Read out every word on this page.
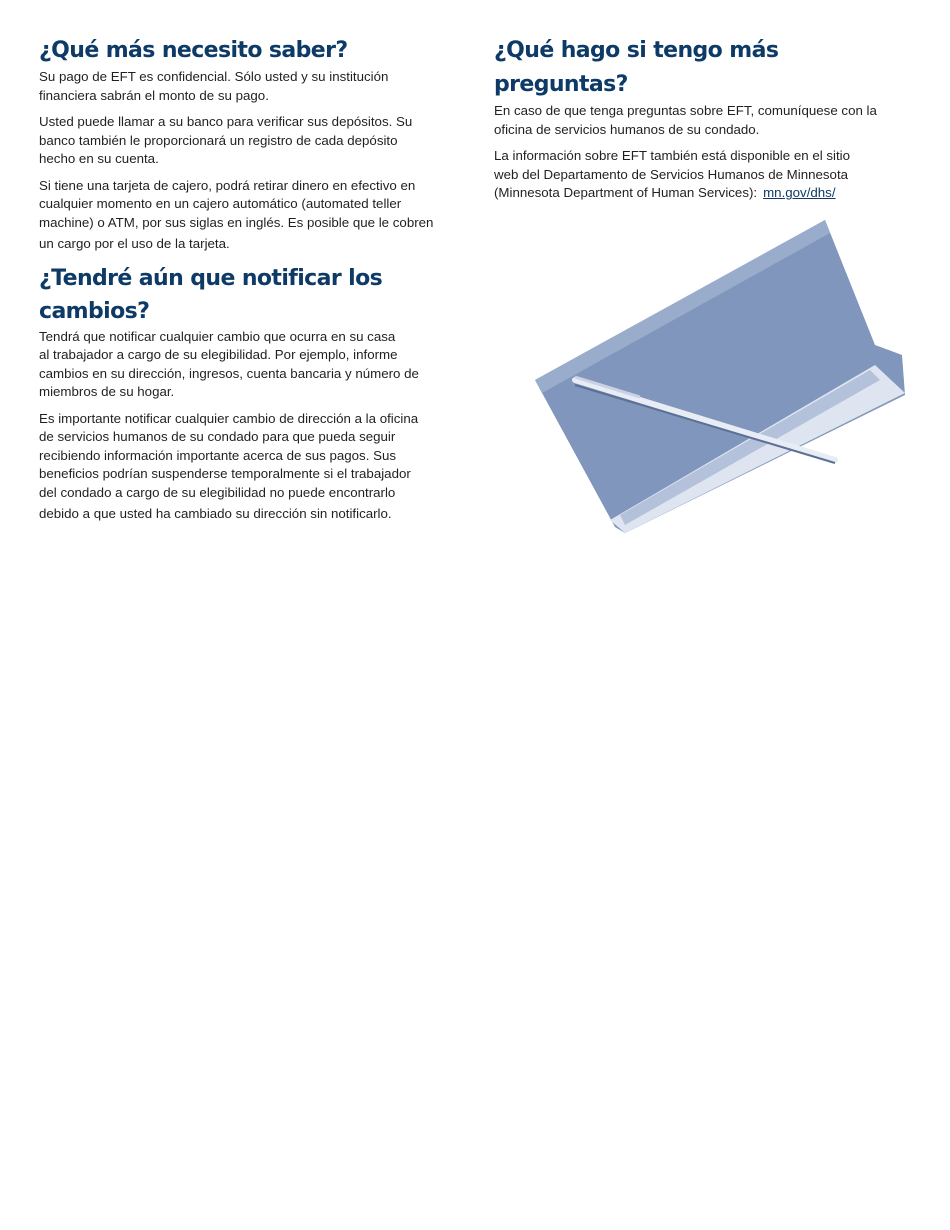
¿Qué más necesito saber?

Su pago de EFT es confidencial. Sólo usted y su institución
financiera sabrán el monto de su pago.

Usted puede llamar a su banco para verificar sus depósitos. Su
banco también le proporcionará un registro de cada depósito
hecho en su cuenta.

Si tiene una tarjeta de cajero, podrá retirar dinero en efectivo en
cualquier momento en un cajero automático (automated teller
machine) o ATM, por sus siglas en inglés. Es posible que le cobren
un cargo por el uso de la tarjeta.

¿Tendré aún que notificar los
cambios?

Tendrá que notificar cualquier cambio que ocurra en su casa
al trabajador a cargo de su elegibilidad. Por ejemplo, informe
cambios en su dirección, ingresos, cuenta bancaria y número de
miembros de su hogar.

Es importante notificar cualquier cambio de dirección a la oficina
de servicios humanos de su condado para que pueda seguir
recibiendo información importante acerca de sus pagos. Sus
beneficios podrían suspenderse temporalmente si el trabajador
del condado a cargo de su elegibilidad no puede encontrarlo
debido a que usted ha cambiado su dirección sin notificarlo.

¿Qué hago si tengo más preguntas?

En caso de que tenga preguntas sobre EFT, comuníquese con la
oficina de servicios humanos de su condado.

La información sobre EFT también está disponible en el sitio
web del Departamento de Servicios Humanos de Minnesota
(Minnesota Department of Human Services): mn.gov/dhs/
